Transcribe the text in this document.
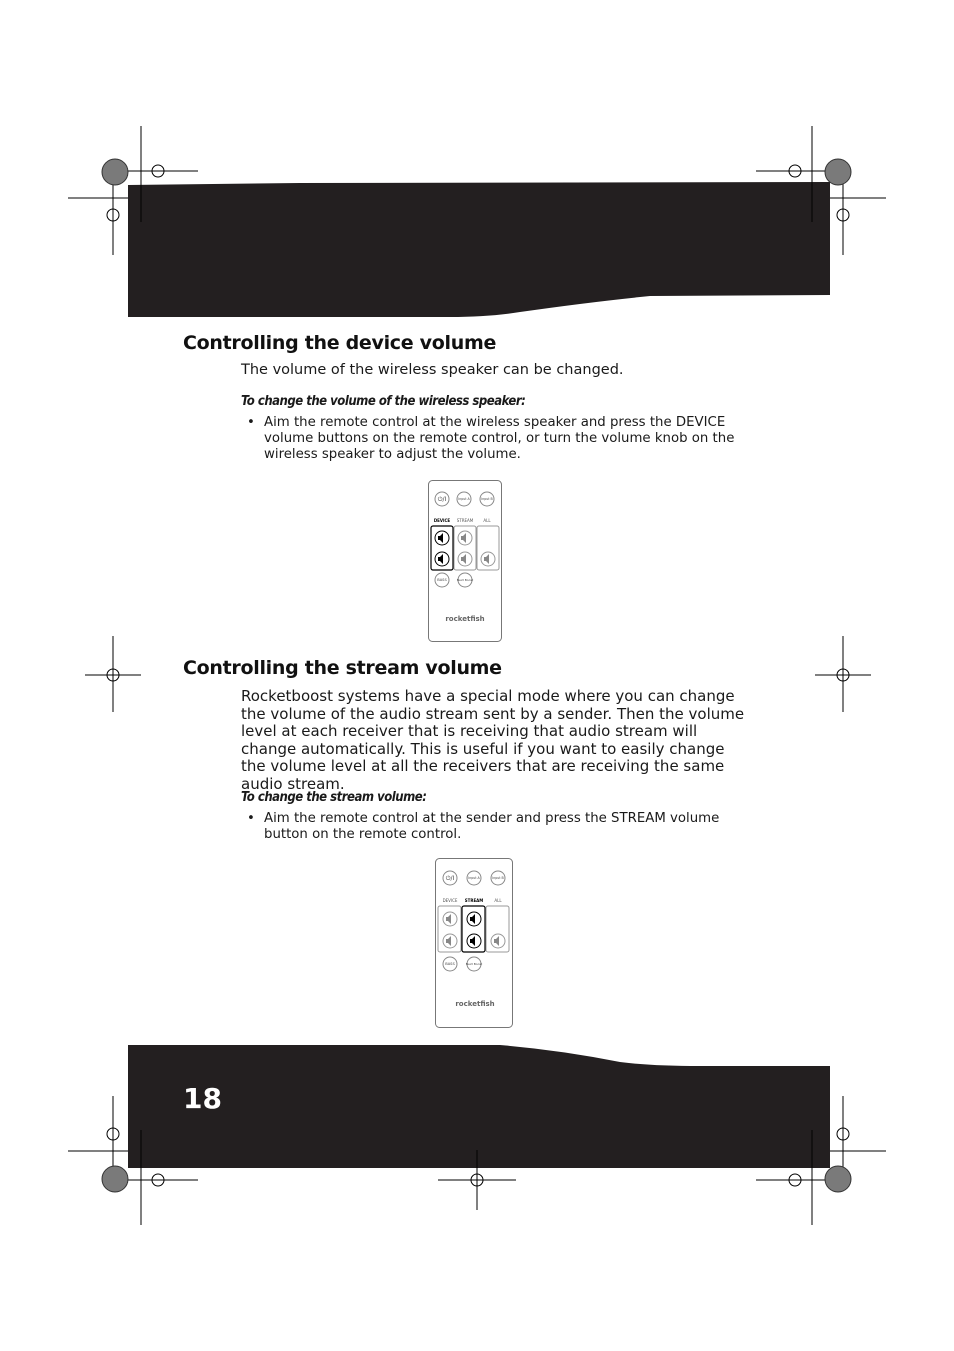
Controlling the device volume
The volume of the wireless speaker can be changed.
To change the volume of the wireless speaker:
• Aim the remote control at the wireless speaker and press the DEVICE volume buttons on the remote control, or turn the volume knob on the wireless speaker to adjust the volume.
⏻/I	Input A	Input B
DEVICE STREAM	ALL
BASS	Next Boost
rocketfish
Controlling the stream volume
Rocketboost systems have a special mode where you can change the volume of the audio stream sent by a sender. Then the volume level at each receiver that is receiving that audio stream will change automatically. This is useful if you want to easily change the volume level at all the receivers that are receiving the same audio stream.
To change the stream volume:
• Aim the remote control at the sender and press the STREAM volume button on the remote control.
⏻/I	Input A	Input B
DEVICE STREAM	ALL
BASS	Next Boost
rocketfish
18
